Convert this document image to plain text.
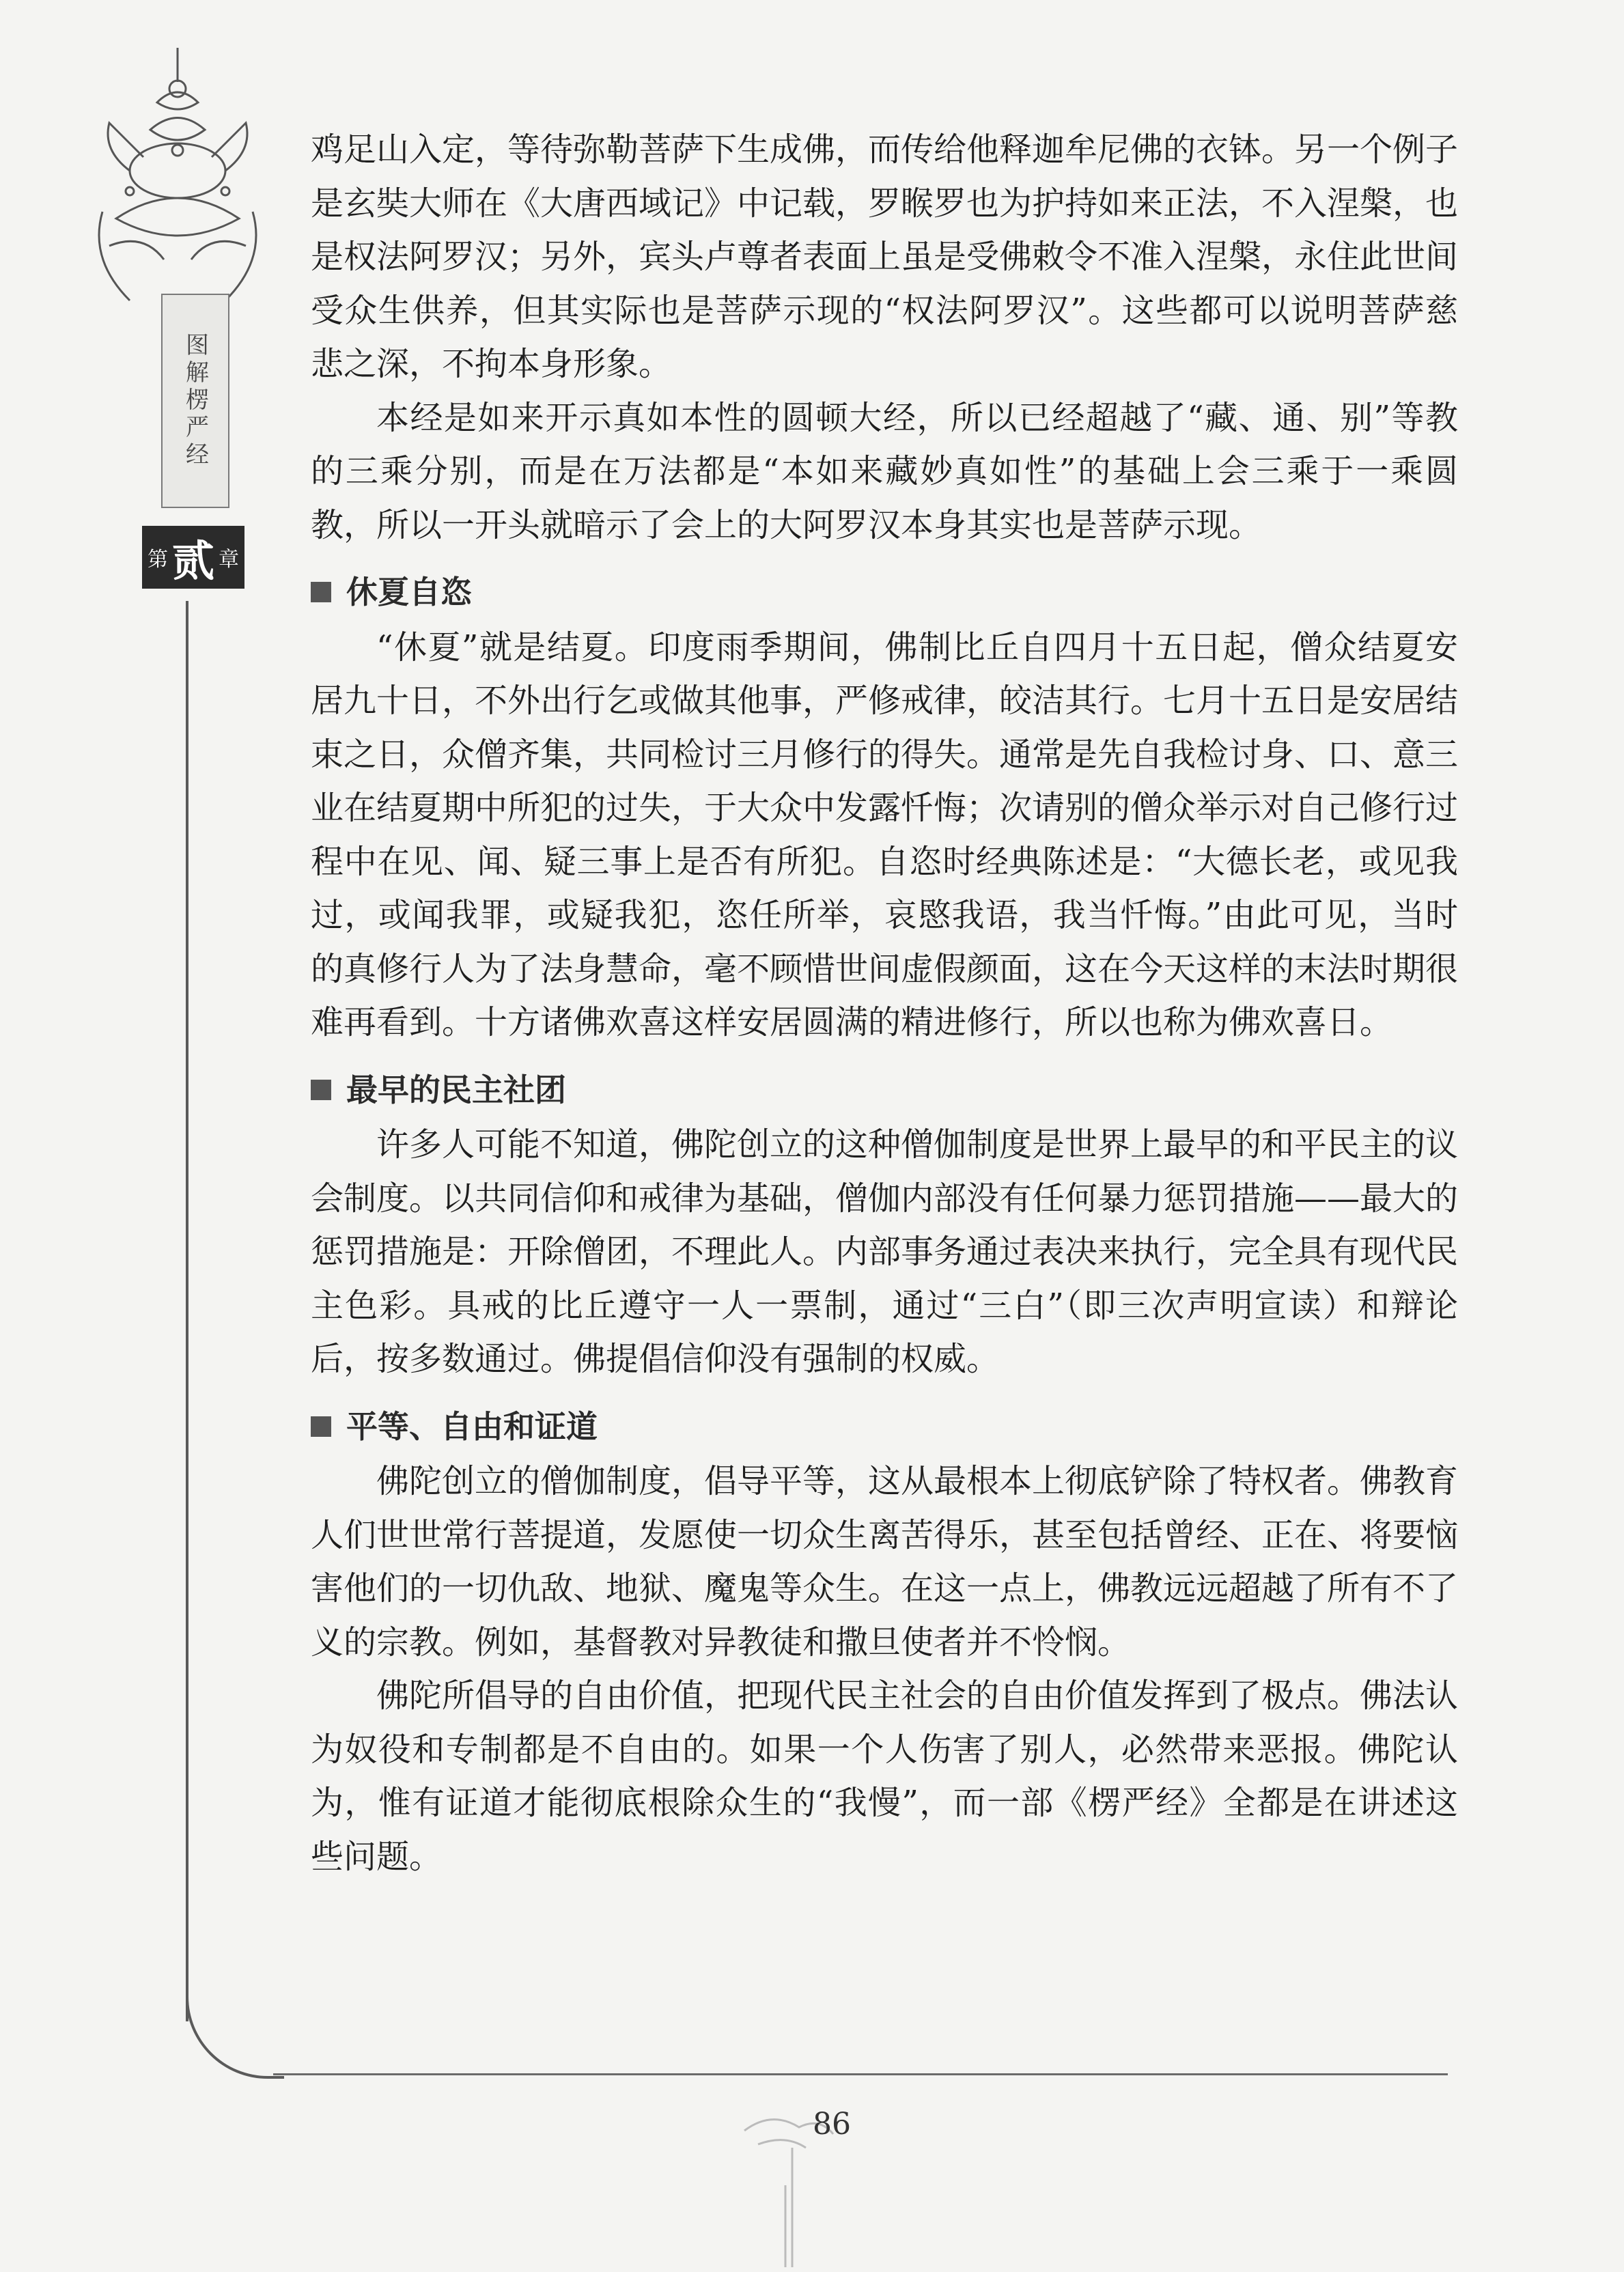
图解楞严经
第 贰 章

鸡足山入定，等待弥勒菩萨下生成佛，而传给他释迦牟尼佛的衣钵。另一个例子是玄奘大师在《大唐西域记》中记载，罗睺罗也为护持如来正法，不入涅槃，也是权法阿罗汉；另外，宾头卢尊者表面上虽是受佛敕令不准入涅槃，永住此世间受众生供养，但其实际也是菩萨示现的“权法阿罗汉”。这些都可以说明菩萨慈悲之深，不拘本身形象。

本经是如来开示真如本性的圆顿大经，所以已经超越了“藏、通、别”等教的三乘分别，而是在万法都是“本如来藏妙真如性”的基础上会三乘于一乘圆教，所以一开头就暗示了会上的大阿罗汉本身其实也是菩萨示现。

休夏自恣

“休夏”就是结夏。印度雨季期间，佛制比丘自四月十五日起，僧众结夏安居九十日，不外出行乞或做其他事，严修戒律，皎洁其行。七月十五日是安居结束之日，众僧齐集，共同检讨三月修行的得失。通常是先自我检讨身、口、意三业在结夏期中所犯的过失，于大众中发露忏悔；次请别的僧众举示对自己修行过程中在见、闻、疑三事上是否有所犯。自恣时经典陈述是：“大德长老，或见我过，或闻我罪，或疑我犯，恣任所举，哀愍我语，我当忏悔。”由此可见，当时的真修行人为了法身慧命，毫不顾惜世间虚假颜面，这在今天这样的末法时期很难再看到。十方诸佛欢喜这样安居圆满的精进修行，所以也称为佛欢喜日。

最早的民主社团

许多人可能不知道，佛陀创立的这种僧伽制度是世界上最早的和平民主的议会制度。以共同信仰和戒律为基础，僧伽内部没有任何暴力惩罚措施——最大的惩罚措施是：开除僧团，不理此人。内部事务通过表决来执行，完全具有现代民主色彩。具戒的比丘遵守一人一票制，通过“三白”（即三次声明宣读）和辩论后，按多数通过。佛提倡信仰没有强制的权威。

平等、自由和证道

佛陀创立的僧伽制度，倡导平等，这从最根本上彻底铲除了特权者。佛教育人们世世常行菩提道，发愿使一切众生离苦得乐，甚至包括曾经、正在、将要恼害他们的一切仇敌、地狱、魔鬼等众生。在这一点上，佛教远远超越了所有不了义的宗教。例如，基督教对异教徒和撒旦使者并不怜悯。

佛陀所倡导的自由价值，把现代民主社会的自由价值发挥到了极点。佛法认为奴役和专制都是不自由的。如果一个人伤害了别人，必然带来恶报。佛陀认为，惟有证道才能彻底根除众生的“我慢”，而一部《楞严经》全都是在讲述这些问题。

86
